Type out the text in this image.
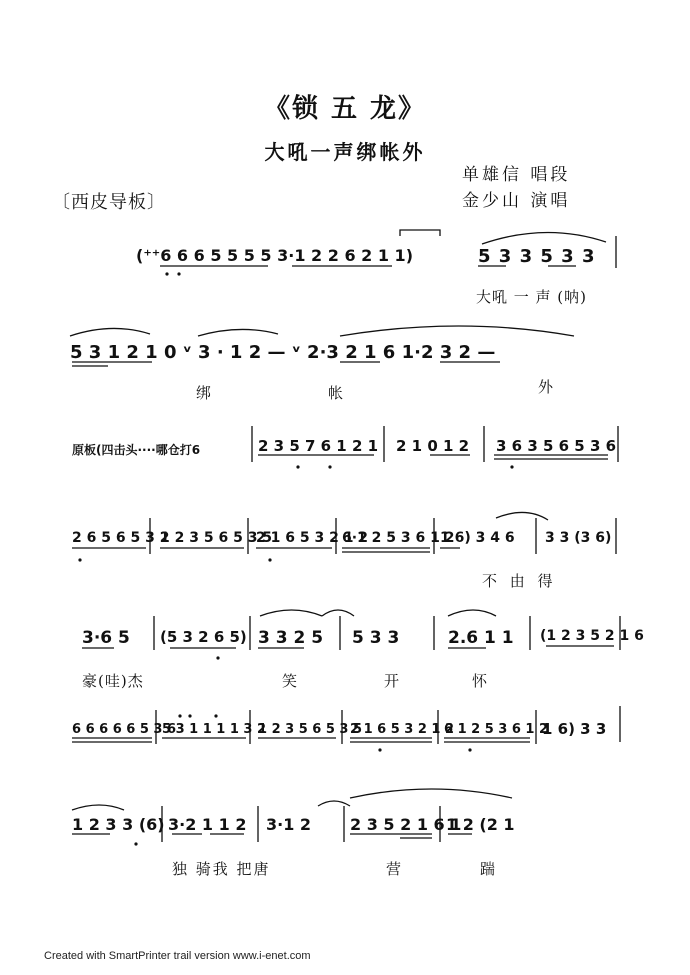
《锁 五 龙》
大吼一声绑帐外
单雄信 唱段
金少山 演唱
〔西皮导板〕
(⁺⁺6 6 6 5 5 5 5 3·1 2 2 6 2 1 1)	5 3 3 5 3 3
大吼 一 声 (呐)
5 3 1 2 1 0 ᵛ 3 · 1 2 — ᵛ 2·3 2 1 6 1·2 3 2 —
绑	帐	外
原板(四击头····哪仓打6	2 3 5 7 6 1 2 1 2 1 0 1 2 3 6 3 5 6 5 3 6
2 6 5 6 5 3 2
1 2 3 5 6 5 3 5
2 1 6 5 3 2 1 2
6·1 2 5 3 6 1 2
1 6) 3 4 6 3 3 (3 6)
不 由 得
3·6 5 (5 3 2 6 5) 3 3 2 5 5 3 3	2.6 1 1 (1 2 3 5 2 1 6
豪(哇)杰	笑	开	怀
6 6 6 6 6 5 3 6
5 3 1 1 1 1 3 2
1 2 3 5 6 5 3 5
2 1 6 5 3 2 1 2
6 1 2 5 3 6 1 2
1 6) 3 3
1 2 3 3 (6) 3·2 1 1 2 3·1 2 2 3 5 2 1 6 1
1 2 (2 1
独 骑我 把唐	营	踹
Created with SmartPrinter trail version www.i-enet.com
